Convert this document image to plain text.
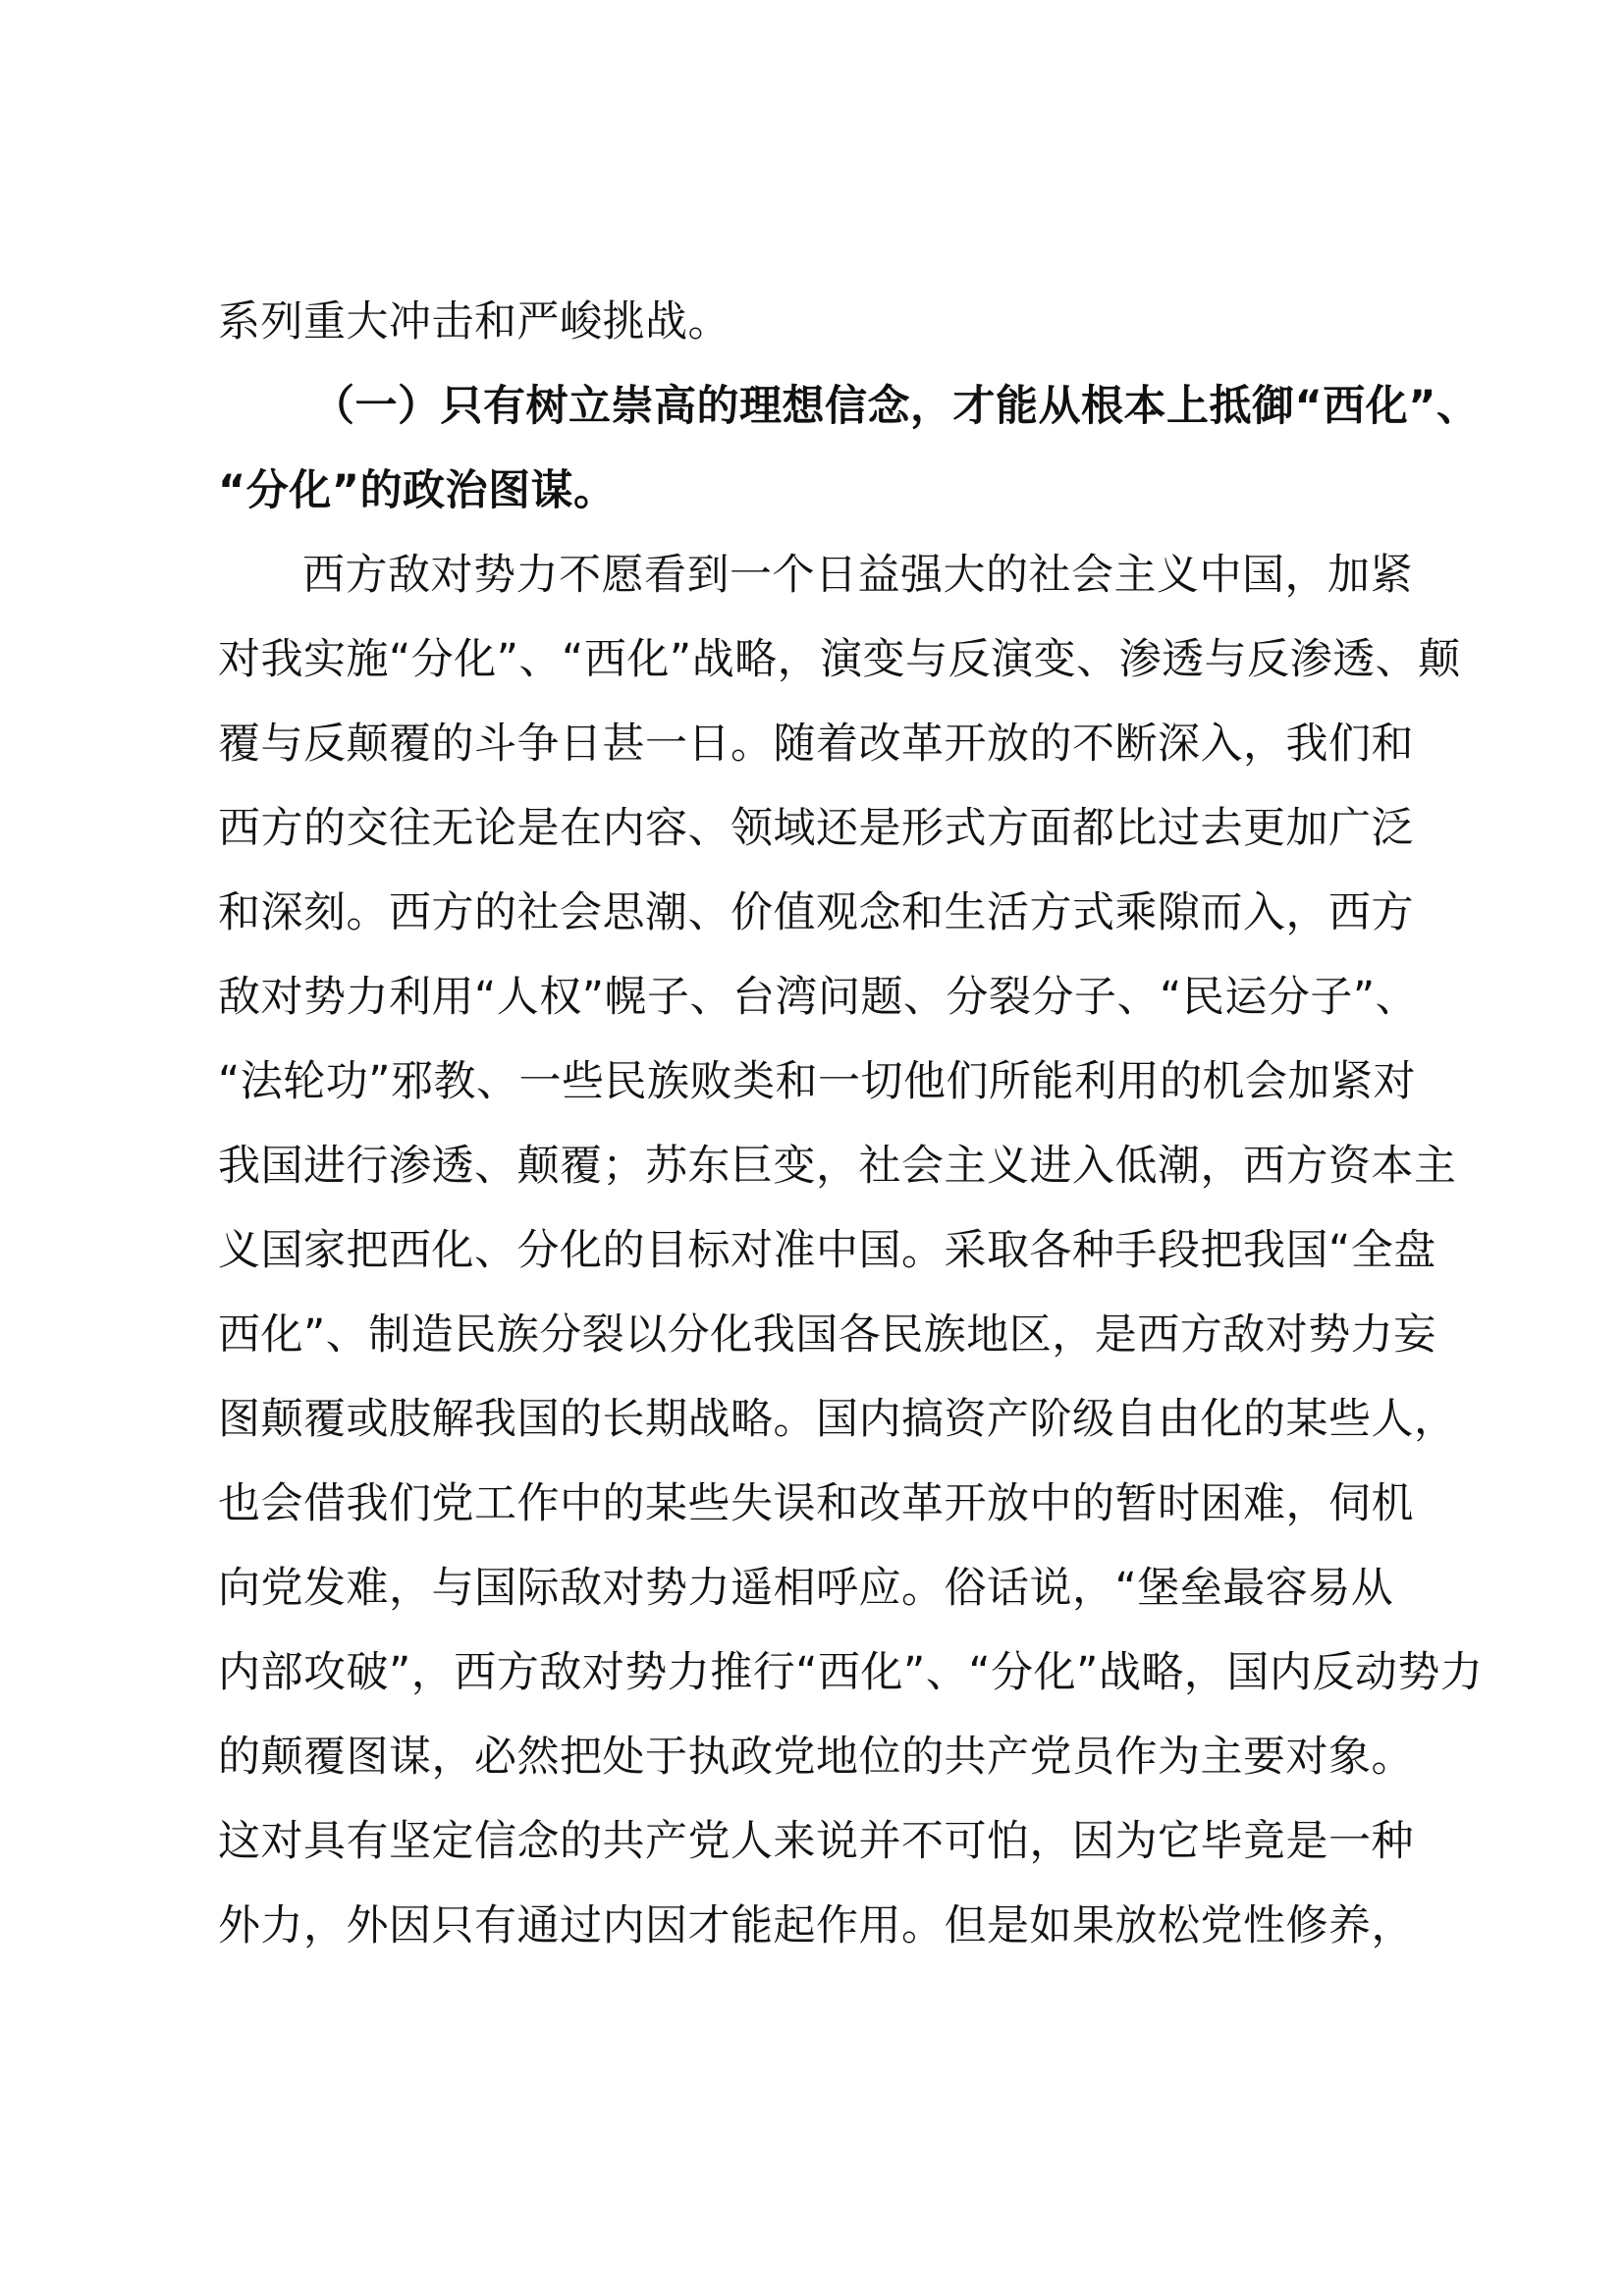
系列重大冲击和严峻挑战。
（一）只有树立崇高的理想信念，才能从根本上抵御“西化”、
“分化”的政治图谋。
西方敌对势力不愿看到一个日益强大的社会主义中国，加紧
对我实施“分化”、“西化”战略，演变与反演变、渗透与反渗透、颠
覆与反颠覆的斗争日甚一日。随着改革开放的不断深入，我们和
西方的交往无论是在内容、领域还是形式方面都比过去更加广泛
和深刻。西方的社会思潮、价值观念和生活方式乘隙而入，西方
敌对势力利用“人权”幌子、台湾问题、分裂分子、“民运分子”、
“法轮功”邪教、一些民族败类和一切他们所能利用的机会加紧对
我国进行渗透、颠覆；苏东巨变，社会主义进入低潮，西方资本主
义国家把西化、分化的目标对准中国。采取各种手段把我国“全盘
西化”、制造民族分裂以分化我国各民族地区，是西方敌对势力妄
图颠覆或肢解我国的长期战略。国内搞资产阶级自由化的某些人，
也会借我们党工作中的某些失误和改革开放中的暂时困难，伺机
向党发难，与国际敌对势力遥相呼应。俗话说，“堡垒最容易从
内部攻破”，西方敌对势力推行“西化”、“分化”战略，国内反动势力
的颠覆图谋，必然把处于执政党地位的共产党员作为主要对象。
这对具有坚定信念的共产党人来说并不可怕，因为它毕竟是一种
外力，外因只有通过内因才能起作用。但是如果放松党性修养，
